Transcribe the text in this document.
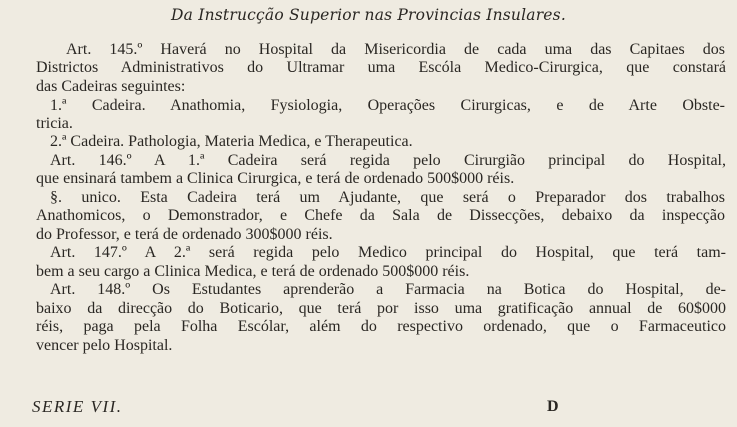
Da Instrucção Superior nas Provincias Insulares.
Art. 145.º Haverá no Hospital da Misericordia de cada uma das Capitaes dos
Districtos Administrativos do Ultramar uma Escóla Medico-Cirurgica, que constará
das Cadeiras seguintes:
1.ª Cadeira. Anathomia, Fysiologia, Operações Cirurgicas, e de Arte Obste-
tricia.
2.ª Cadeira. Pathologia, Materia Medica, e Therapeutica.
Art. 146.º A 1.ª Cadeira será regida pelo Cirurgião principal do Hospital,
que ensinará tambem a Clinica Cirurgica, e terá de ordenado 500$000 réis.
§. unico. Esta Cadeira terá um Ajudante, que será o Preparador dos trabalhos
Anathomicos, o Demonstrador, e Chefe da Sala de Dissecções, debaixo da inspecção
do Professor, e terá de ordenado 300$000 réis.
Art. 147.º A 2.ª será regida pelo Medico principal do Hospital, que terá tam-
bem a seu cargo a Clinica Medica, e terá de ordenado 500$000 réis.
Art. 148.º Os Estudantes aprenderão a Farmacia na Botica do Hospital, de-
baixo da direcção do Boticario, que terá por isso uma gratificação annual de 60$000
réis, paga pela Folha Escólar, além do respectivo ordenado, que o Farmaceutico
vencer pelo Hospital.
SERIE VII.	D
